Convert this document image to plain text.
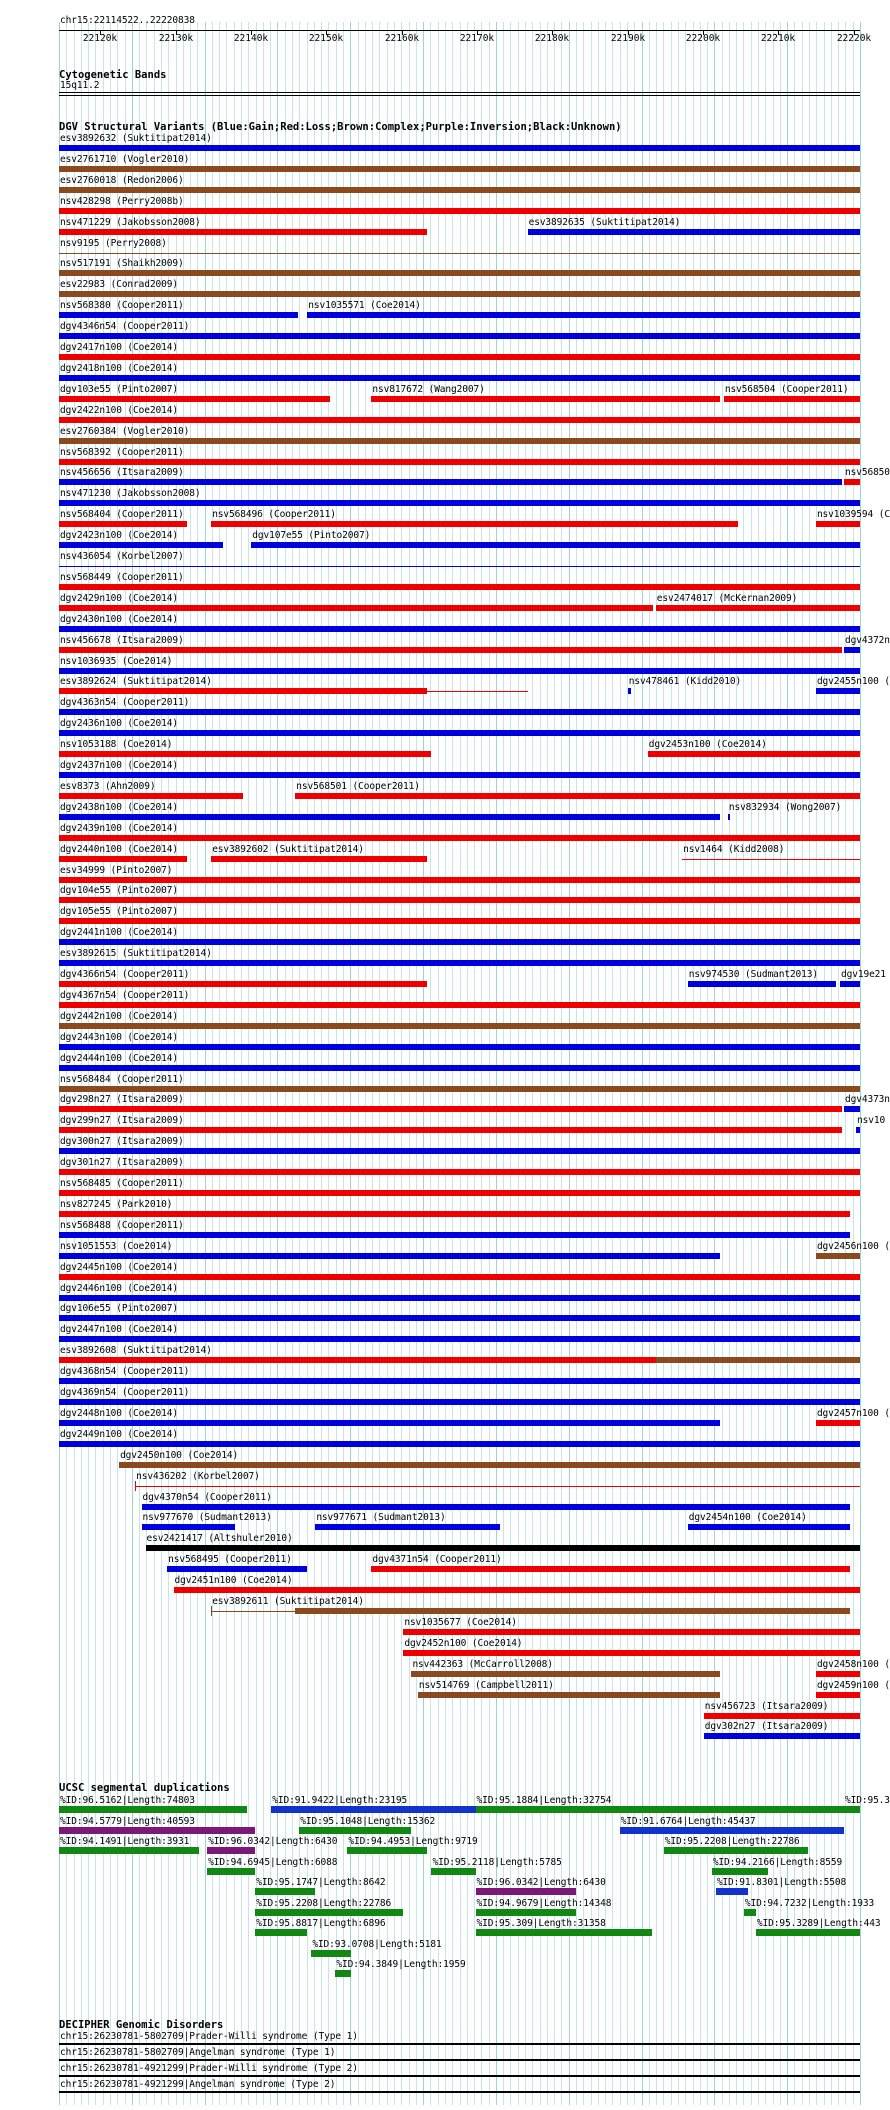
chr15:22114522..22220838
22120k	22130k	22140k	22150k	22160k	22170k	22180k	22190k	22200k	22210k	22220k
Cytogenetic Bands
15q11.2
DGV Structural Variants (Blue:Gain;Red:Loss;Brown:Complex;Purple:Inversion;Black:Unknown)
esv3892632 (Suktitipat2014)
esv2761710 (Vogler2010)
esv2760018 (Redon2006)
nsv428298 (Perry2008b)
nsv471229 (Jakobsson2008)	esv3892635 (Suktitipat2014)
nsv9195 (Perry2008)
nsv517191 (Shaikh2009)
esv22983 (Conrad2009)
nsv568380 (Cooper2011)	nsv1035571 (Coe2014)
dgv4346n54 (Cooper2011)
dgv2417n100 (Coe2014)
dgv2418n100 (Coe2014)
dgv103e55 (Pinto2007)	nsv817672 (Wang2007)	nsv568504 (Cooper2011)
dgv2422n100 (Coe2014)
esv2760384 (Vogler2010)
nsv568392 (Cooper2011)
nsv456656 (Itsara2009)	nsv56850
nsv471230 (Jakobsson2008)
nsv568404 (Cooper2011)	nsv568496 (Cooper2011)	nsv1039594 (C
dgv2423n100 (Coe2014)	dgv107e55 (Pinto2007)
nsv436054 (Korbel2007)
nsv568449 (Cooper2011)
dgv2429n100 (Coe2014)	esv2474017 (McKernan2009)
dgv2430n100 (Coe2014)
nsv456678 (Itsara2009)	dgv4372n
nsv1036935 (Coe2014)
esv3892624 (Suktitipat2014)	nsv478461 (Kidd2010)	dgv2455n100 (
dgv4363n54 (Cooper2011)
dgv2436n100 (Coe2014)
nsv1053188 (Coe2014)	dgv2453n100 (Coe2014)
dgv2437n100 (Coe2014)
esv8373 (Ahn2009)	nsv568501 (Cooper2011)
dgv2438n100 (Coe2014)	nsv832934 (Wong2007)
dgv2439n100 (Coe2014)
dgv2440n100 (Coe2014)	esv3892602 (Suktitipat2014)	nsv1464 (Kidd2008)
esv34999 (Pinto2007)
dgv104e55 (Pinto2007)
dgv105e55 (Pinto2007)
dgv2441n100 (Coe2014)
esv3892615 (Suktitipat2014)
dgv4366n54 (Cooper2011)	nsv974530 (Sudmant2013) dgv19e21
dgv4367n54 (Cooper2011)
dgv2442n100 (Coe2014)
dgv2443n100 (Coe2014)
dgv2444n100 (Coe2014)
nsv568484 (Cooper2011)
dgv298n27 (Itsara2009)	dgv4373n
dgv299n27 (Itsara2009)	nsv10
dgv300n27 (Itsara2009)
dgv301n27 (Itsara2009)
nsv568485 (Cooper2011)
nsv827245 (Park2010)
nsv568488 (Cooper2011)
nsv1051553 (Coe2014)	dgv2456n100 (
dgv2445n100 (Coe2014)
dgv2446n100 (Coe2014)
dgv106e55 (Pinto2007)
dgv2447n100 (Coe2014)
esv3892608 (Suktitipat2014)
dgv4368n54 (Cooper2011)
dgv4369n54 (Cooper2011)
dgv2448n100 (Coe2014)	dgv2457n100 (
dgv2449n100 (Coe2014)
dgv2450n100 (Coe2014)
nsv436202 (Korbel2007)
dgv4370n54 (Cooper2011)
nsv977670 (Sudmant2013)	nsv977671 (Sudmant2013)	dgv2454n100 (Coe2014)
esv2421417 (Altshuler2010)
nsv568495 (Cooper2011)	dgv4371n54 (Cooper2011)
dgv2451n100 (Coe2014)
esv3892611 (Suktitipat2014)
nsv1035677 (Coe2014)
dgv2452n100 (Coe2014)
nsv442363 (McCarroll2008)	dgv2458n100 (
nsv514769 (Campbell2011)	dgv2459n100 (
nsv456723 (Itsara2009)
dgv302n27 (Itsara2009)
UCSC segmental duplications
%ID:96.5162|Length:74803	%ID:91.9422|Length:23195	%ID:95.1884|Length:32754	%ID:95.3
%ID:94.5779|Length:40593	%ID:95.1048|Length:15362	%ID:91.6764|Length:45437
%ID:94.1491|Length:3931 %ID:96.0342|Length:6430 %ID:94.4953|Length:9719	%ID:95.2208|Length:22786
%ID:94.6945|Length:6088	%ID:95.2118|Length:5785	%ID:94.2166|Length:8559
%ID:95.1747|Length:8642	%ID:96.0342|Length:6430	%ID:91.8301|Length:5508
%ID:95.2208|Length:22786	%ID:94.9679|Length:14348	%ID:94.7232|Length:1933
%ID:95.8817|Length:6896	%ID:95.309|Length:31358	%ID:95.3289|Length:443
%ID:93.0708|Length:5181
%ID:94.3849|Length:1959
DECIPHER Genomic Disorders
chr15:26230781-5802709|Prader-Willi syndrome (Type 1)
chr15:26230781-5802709|Angelman syndrome (Type 1)
chr15:26230781-4921299|Prader-Willi syndrome (Type 2)
chr15:26230781-4921299|Angelman syndrome (Type 2)
